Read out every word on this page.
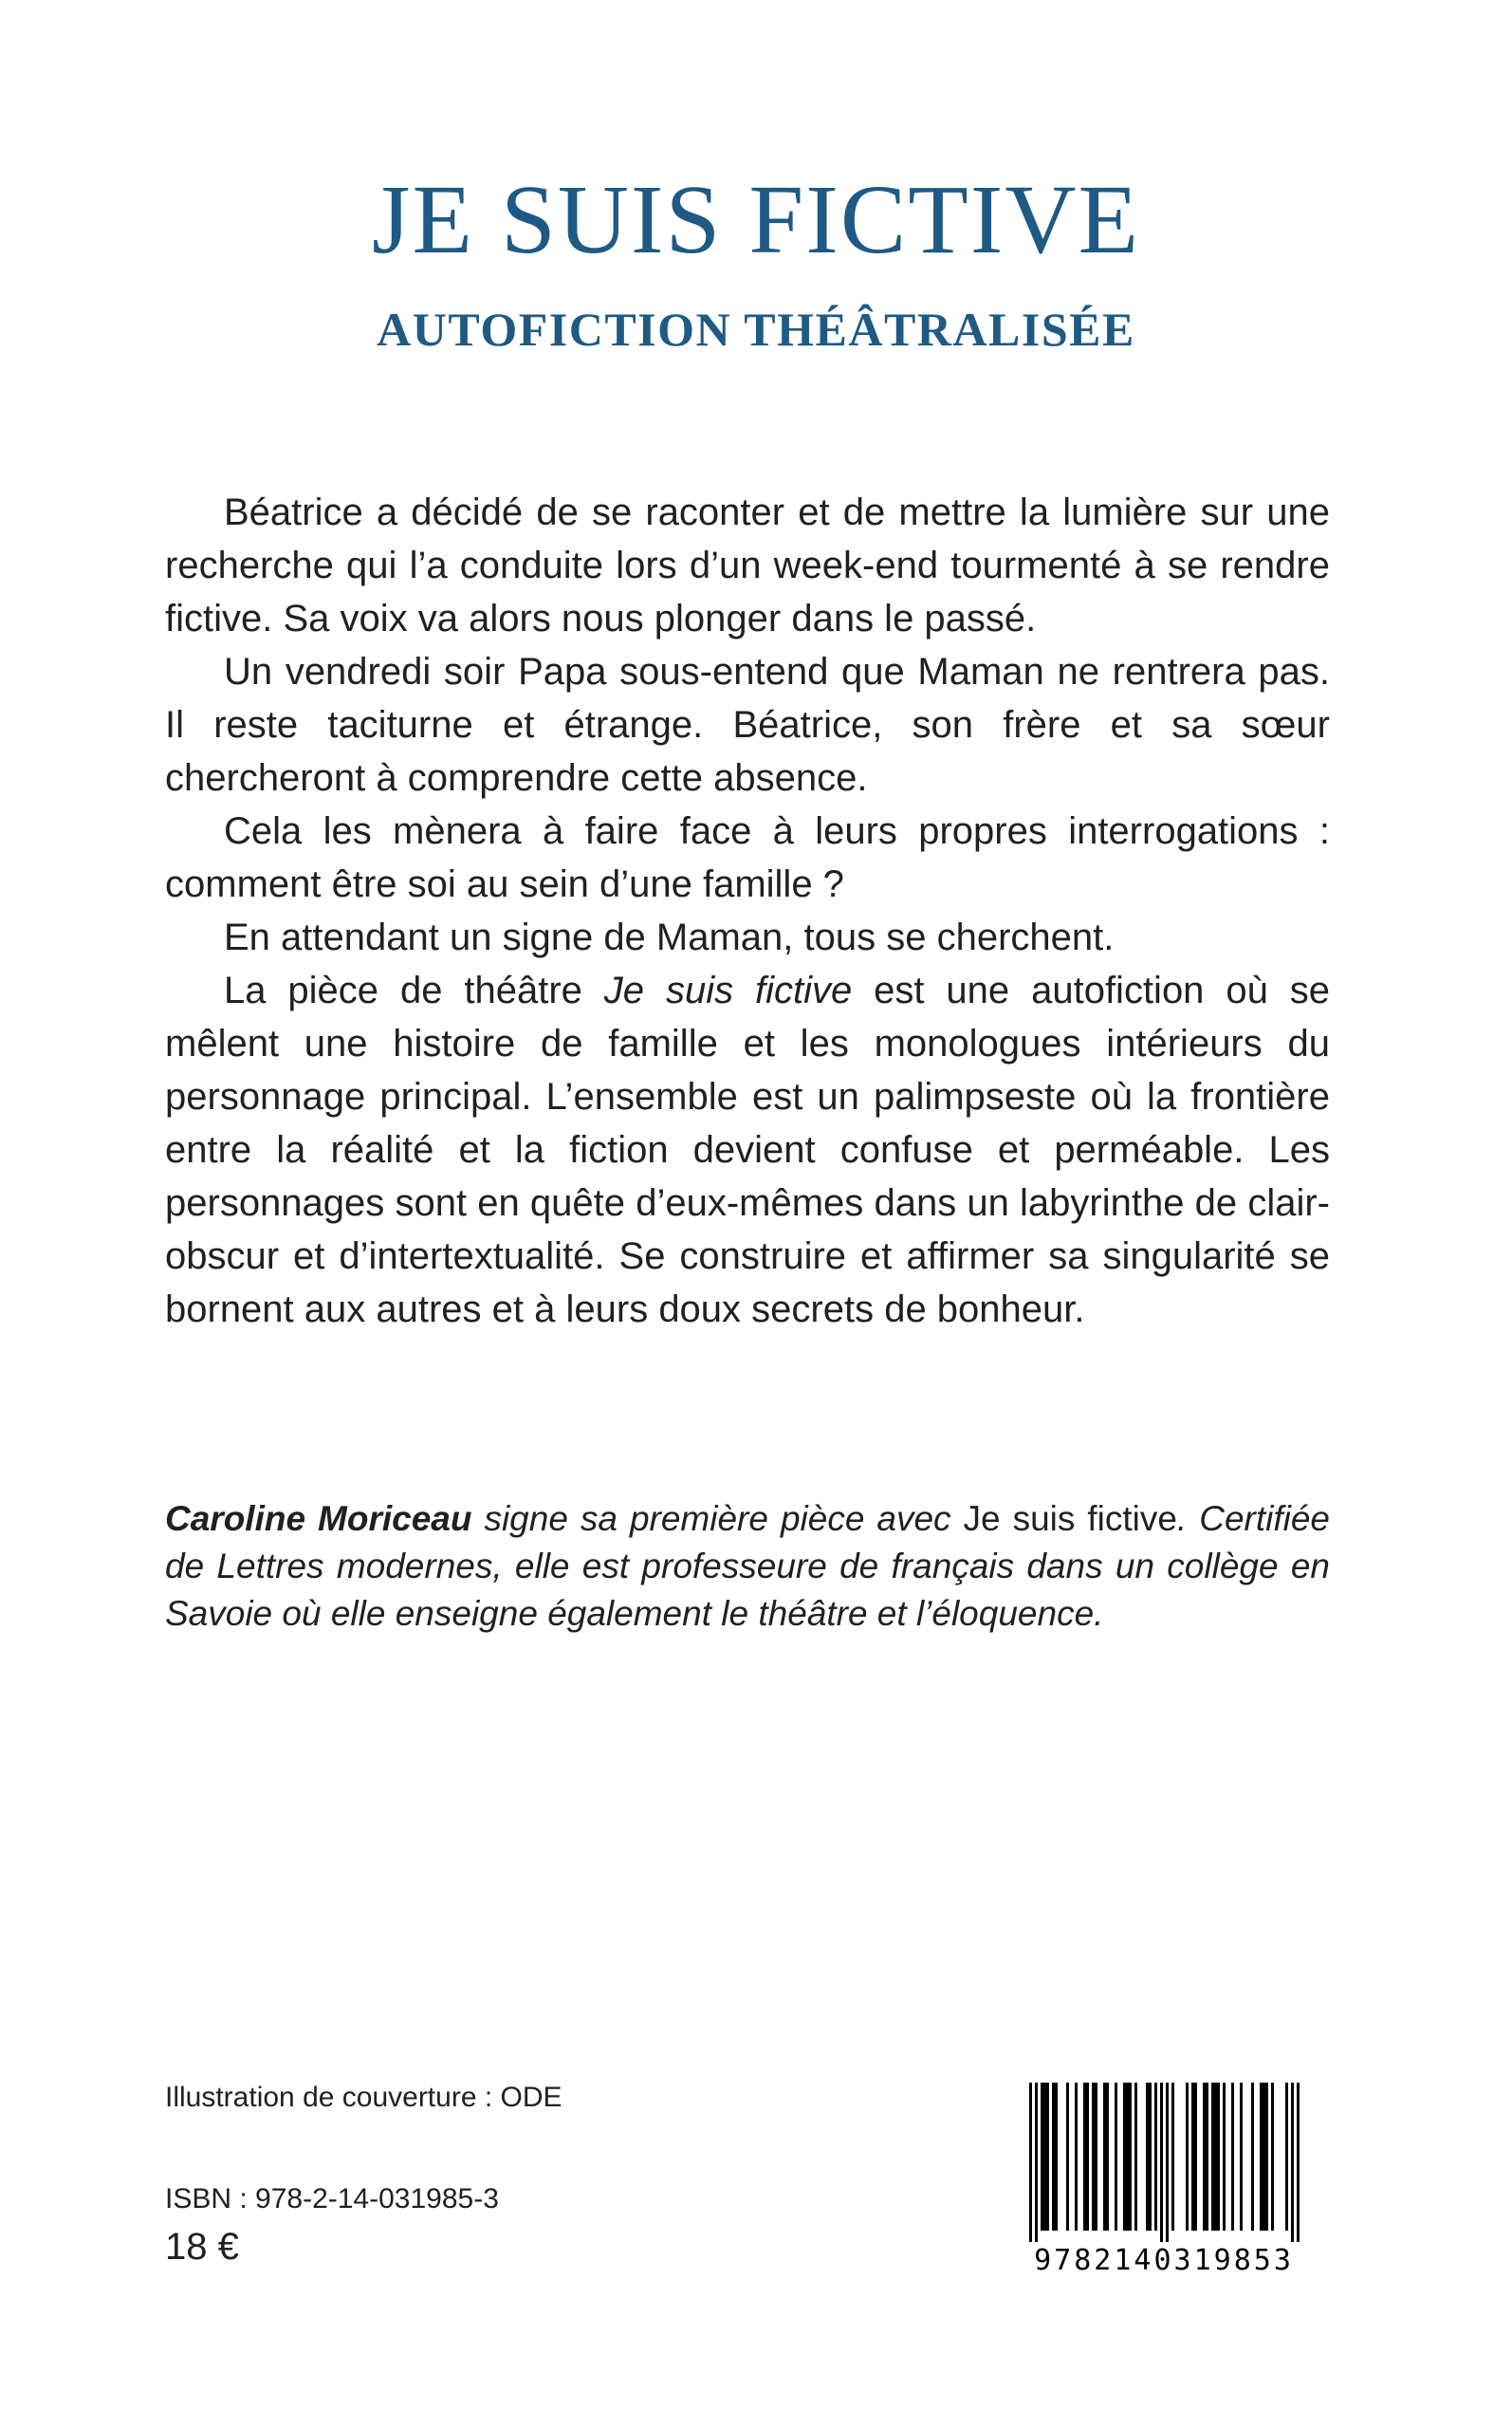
JE SUIS FICTIVE
AUTOFICTION THÉÂTRALISÉE

Béatrice a décidé de se raconter et de mettre la lumière sur une recherche qui l’a conduite lors d’un week-end tourmenté à se rendre fictive. Sa voix va alors nous plonger dans le passé.

Un vendredi soir Papa sous-entend que Maman ne rentrera pas. Il reste taciturne et étrange. Béatrice, son frère et sa sœur chercheront à comprendre cette absence.

Cela les mènera à faire face à leurs propres interrogations : comment être soi au sein d’une famille ?

En attendant un signe de Maman, tous se cherchent.

La pièce de théâtre Je suis fictive est une autofiction où se mêlent une histoire de famille et les monologues intérieurs du personnage principal. L’ensemble est un palimpseste où la frontière entre la réalité et la fiction devient confuse et perméable. Les personnages sont en quête d’eux-mêmes dans un labyrinthe de clair-obscur et d’intertextualité. Se construire et affirmer sa singularité se bornent aux autres et à leurs doux secrets de bonheur.

Caroline Moriceau signe sa première pièce avec Je suis fictive. Certifiée de Lettres modernes, elle est professeure de français dans un collège en Savoie où elle enseigne également le théâtre et l’éloquence.

Illustration de couverture : ODE
ISBN : 978-2-14-031985-3
18 €	9782140319853
